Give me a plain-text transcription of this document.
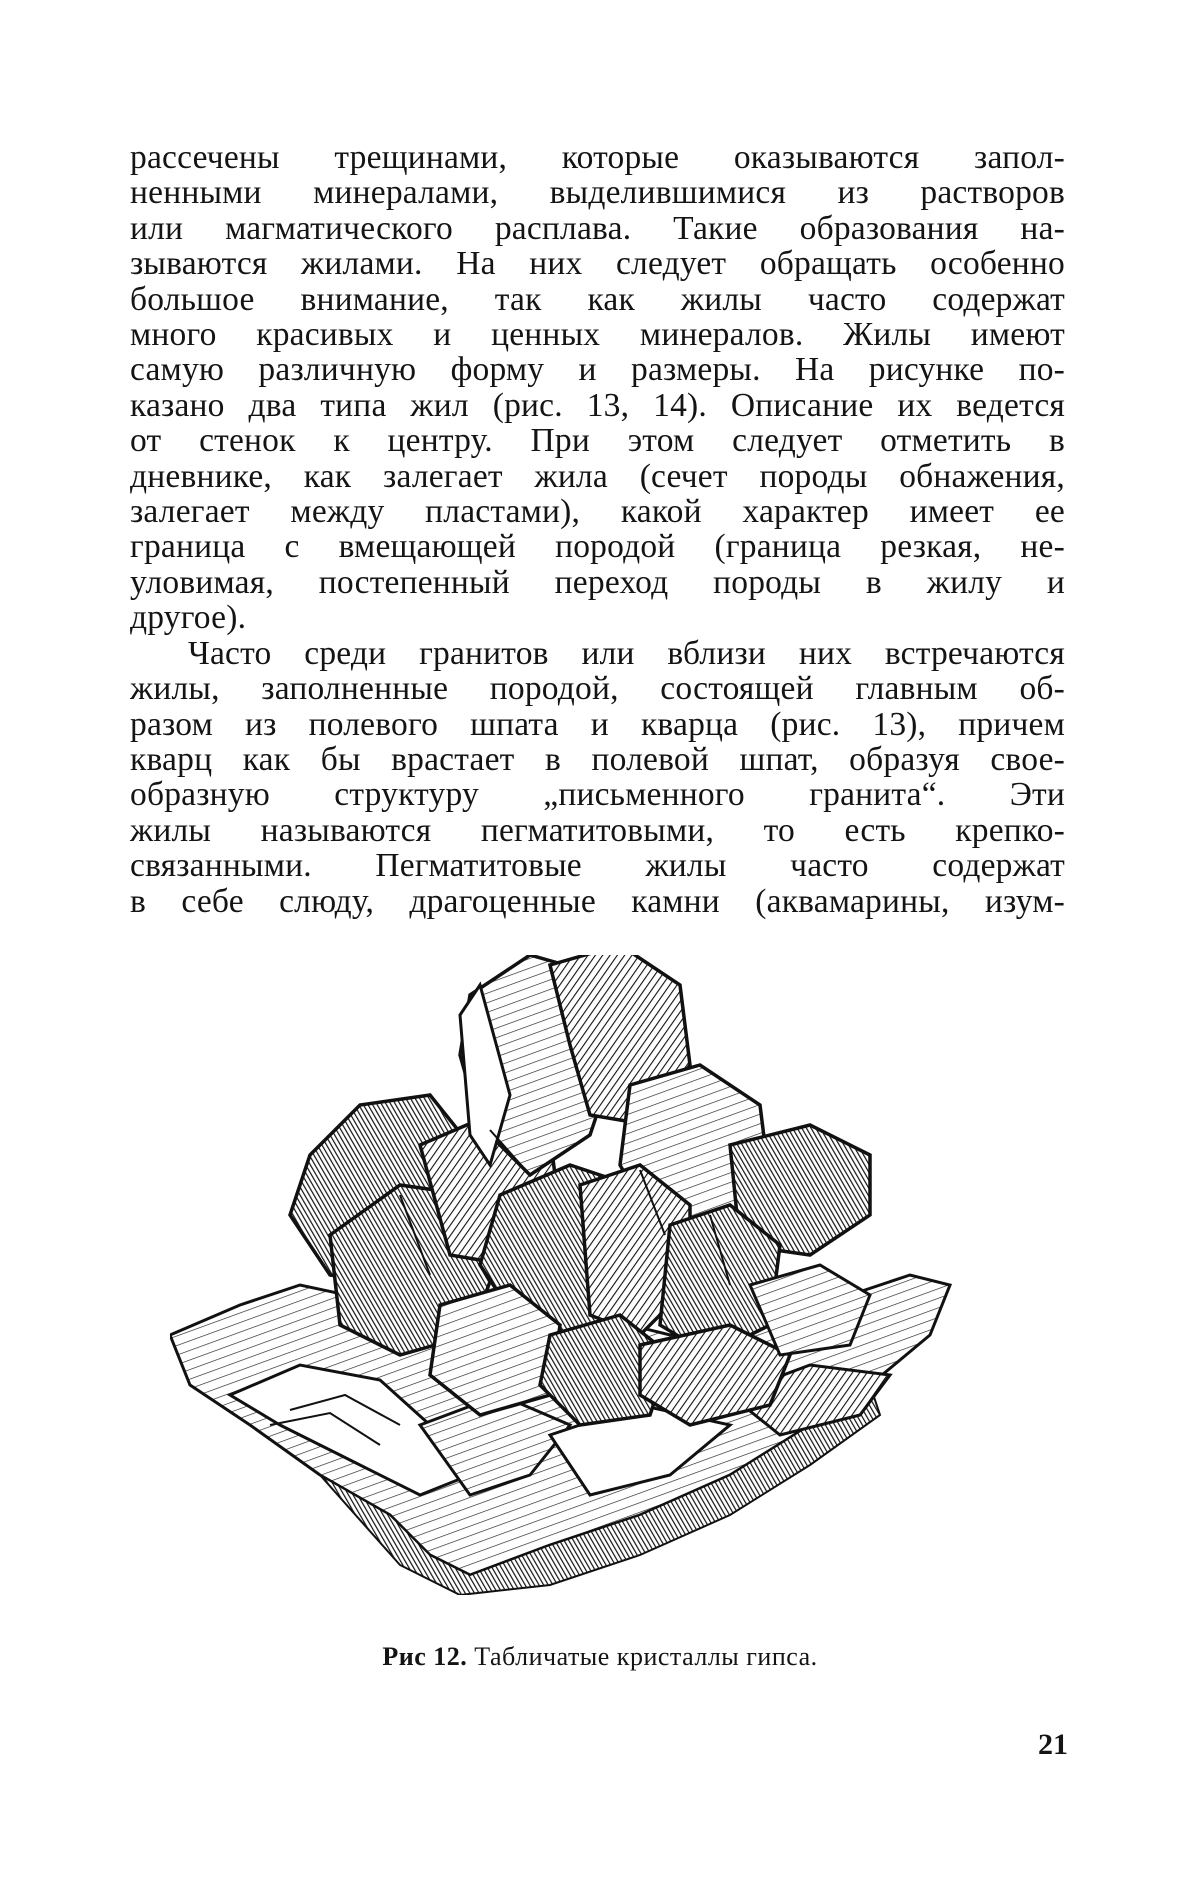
рассечены трещинами, которые оказываются запол-
ненными минералами, выделившимися из растворов
или магматического расплава. Такие образования на-
зываются жилами. На них следует обращать особенно
большое внимание, так как жилы часто содержат
много красивых и ценных минералов. Жилы имеют
самую различную форму и размеры. На рисунке по-
казано два типа жил (рис. 13, 14). Описание их ведется
от стенок к центру. При этом следует отметить в
дневнике, как залегает жила (сечет породы обнажения,
залегает между пластами), какой характер имеет ее
граница с вмещающей породой (граница резкая, не-
уловимая, постепенный переход породы в жилу и
другое).
Часто среди гранитов или вблизи них встречаются
жилы, заполненные породой, состоящей главным об-
разом из полевого шпата и кварца (рис. 13), причем
кварц как бы врастает в полевой шпат, образуя свое-
образную структуру „письменного гранита“. Эти
жилы называются пегматитовыми, то есть крепко-
связанными. Пегматитовые жилы часто содержат
в себе слюду, драгоценные камни (аквамарины, изум-
Рис 12. Табличатые кристаллы гипса.
21
